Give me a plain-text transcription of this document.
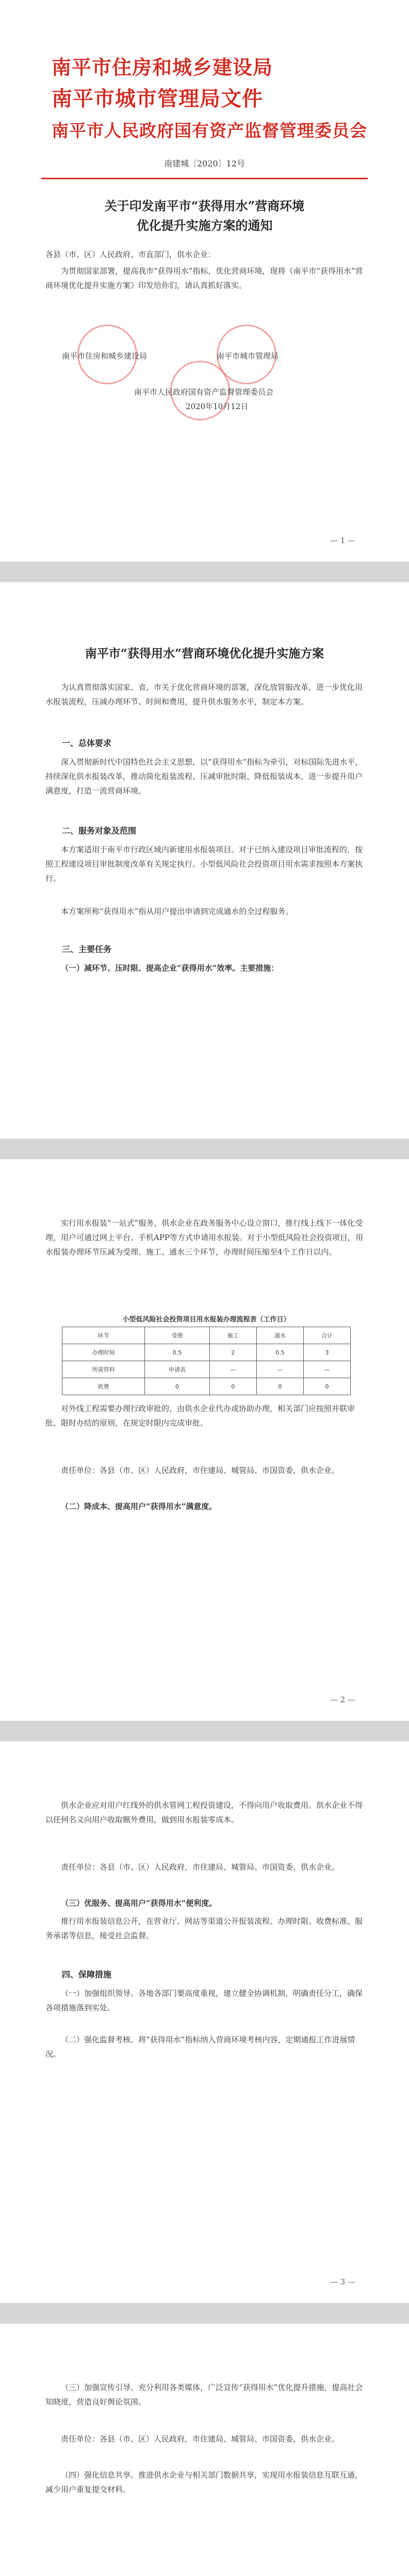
南平市住房和城乡建设局
南平市城市管理局文件
南平市人民政府国有资产监督管理委员会
南建城〔2020〕12号
关于印发南平市“获得用水”营商环境
优化提升实施方案的通知

各县（市、区）人民政府、市直部门，供水企业：

为贯彻国家部署，提高我市“获得用水”指标，优化营商环境，现将《南平市“获得用水”营商环境优化提升实施方案》印发给你们，请认真抓好落实。

南平市住房和城乡建设局	南平市城市管理局
南平市人民政府国有资产监督管理委员会
2020年10月12日
— 1 —
南平市“获得用水”营商环境优化提升实施方案

为认真贯彻落实国家、省、市关于优化营商环境的部署，深化放管服改革，进一步优化用水报装流程，压减办理环节、时间和费用，提升供水服务水平，制定本方案。

一、总体要求

深入贯彻新时代中国特色社会主义思想，以“获得用水”指标为牵引，对标国际先进水平，持续深化供水报装改革，推动简化报装流程、压减审批时限、降低报装成本，进一步提升用户满意度，打造一流营商环境。

二、服务对象及范围

本方案适用于南平市行政区域内新建用水报装项目。对于已纳入建设项目审批流程的，按照工程建设项目审批制度改革有关规定执行。小型低风险社会投资项目用水需求按照本方案执行。

本方案所称“获得用水”指从用户提出申请到完成通水的全过程服务。

三、主要任务

（一）减环节、压时限、提高企业“获得用水”效率。主要措施：

实行用水报装“一站式”服务，供水企业在政务服务中心设立窗口，推行线上线下一体化受理，用户可通过网上平台、手机APP等方式申请用水报装。对于小型低风险社会投资项目，用水报装办理环节压减为受理、施工、通水三个环节，办理时间压缩至4个工作日以内。

小型低风险社会投资项目用水报装办理流程表（工作日）
环节	受理	施工	通水	合计
办理时间	0.5	2	0.5	3
所需资料	申请表	—	—	—
收费	0	0	0	0

对外线工程需要办理行政审批的，由供水企业代办或协助办理，相关部门应按照并联审批、限时办结的原则，在规定时限内完成审批。

责任单位：各县（市、区）人民政府，市住建局、城管局、市国资委，供水企业。

（二）降成本、提高用户“获得用水”满意度。

— 2 —

供水企业应对用户红线外的供水管网工程投资建设，不得向用户收取费用。供水企业不得以任何名义向用户收取额外费用，做到用水报装零成本。

责任单位：各县（市、区）人民政府，市住建局、城管局、市国资委，供水企业。

（三）优服务、提高用户“获得用水”便利度。

推行用水报装信息公开，在营业厅、网站等渠道公开报装流程、办理时限、收费标准、服务承诺等信息，接受社会监督。

四、保障措施

（一）加强组织领导。各地各部门要高度重视，建立健全协调机制，明确责任分工，确保各项措施落到实处。

（二）强化监督考核。将“获得用水”指标纳入营商环境考核内容，定期通报工作进展情况。

— 3 —

（三）加强宣传引导。充分利用各类媒体，广泛宣传“获得用水”优化提升措施，提高社会知晓度，营造良好舆论氛围。

责任单位：各县（市、区）人民政府，市住建局、城管局、市国资委，供水企业。

（四）强化信息共享。推进供水企业与相关部门数据共享，实现用水报装信息互联互通，减少用户重复提交材料。
